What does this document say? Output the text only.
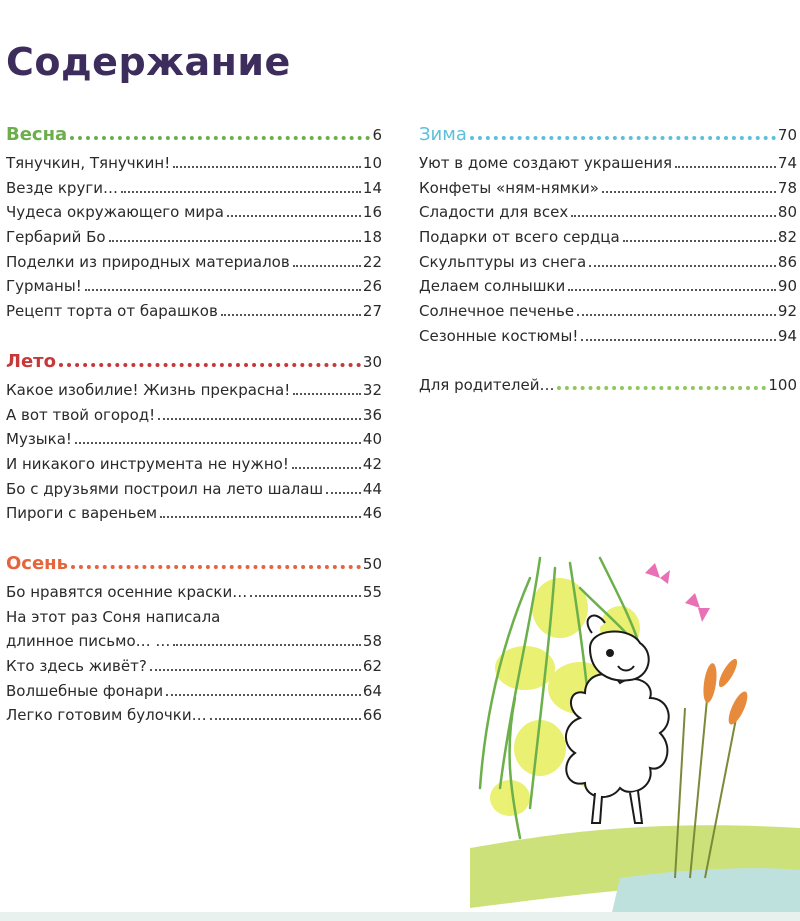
Содержание
Весна	6
Тянучкин, Тянучкин!	10
Везде круги…	14
Чудеса окружающего мира	16
Гербарий Бо	18
Поделки из природных материалов	22
Гурманы!	26
Рецепт торта от барашков	27
Лето	30
Какое изобилие! Жизнь прекрасна!	32
А вот твой огород!	36
Музыка!	40
И никакого инструмента не нужно!	42
Бо с друзьями построил на лето шалаш	44
Пироги с вареньем	46
Осень	50
Бо нравятся осенние краски…	55
На этот раз Соня написала
длинное письмо… …	58
Кто здесь живёт?	62
Волшебные фонари	64
Легко готовим булочки…	66
Зима	70
Уют в доме создают украшения	74
Конфеты «ням-нямки»	78
Сладости для всех	80
Подарки от всего сердца	82
Скульптуры из снега	86
Делаем солнышки	90
Солнечное печенье	92
Сезонные костюмы!	94
Для родителей…	100
